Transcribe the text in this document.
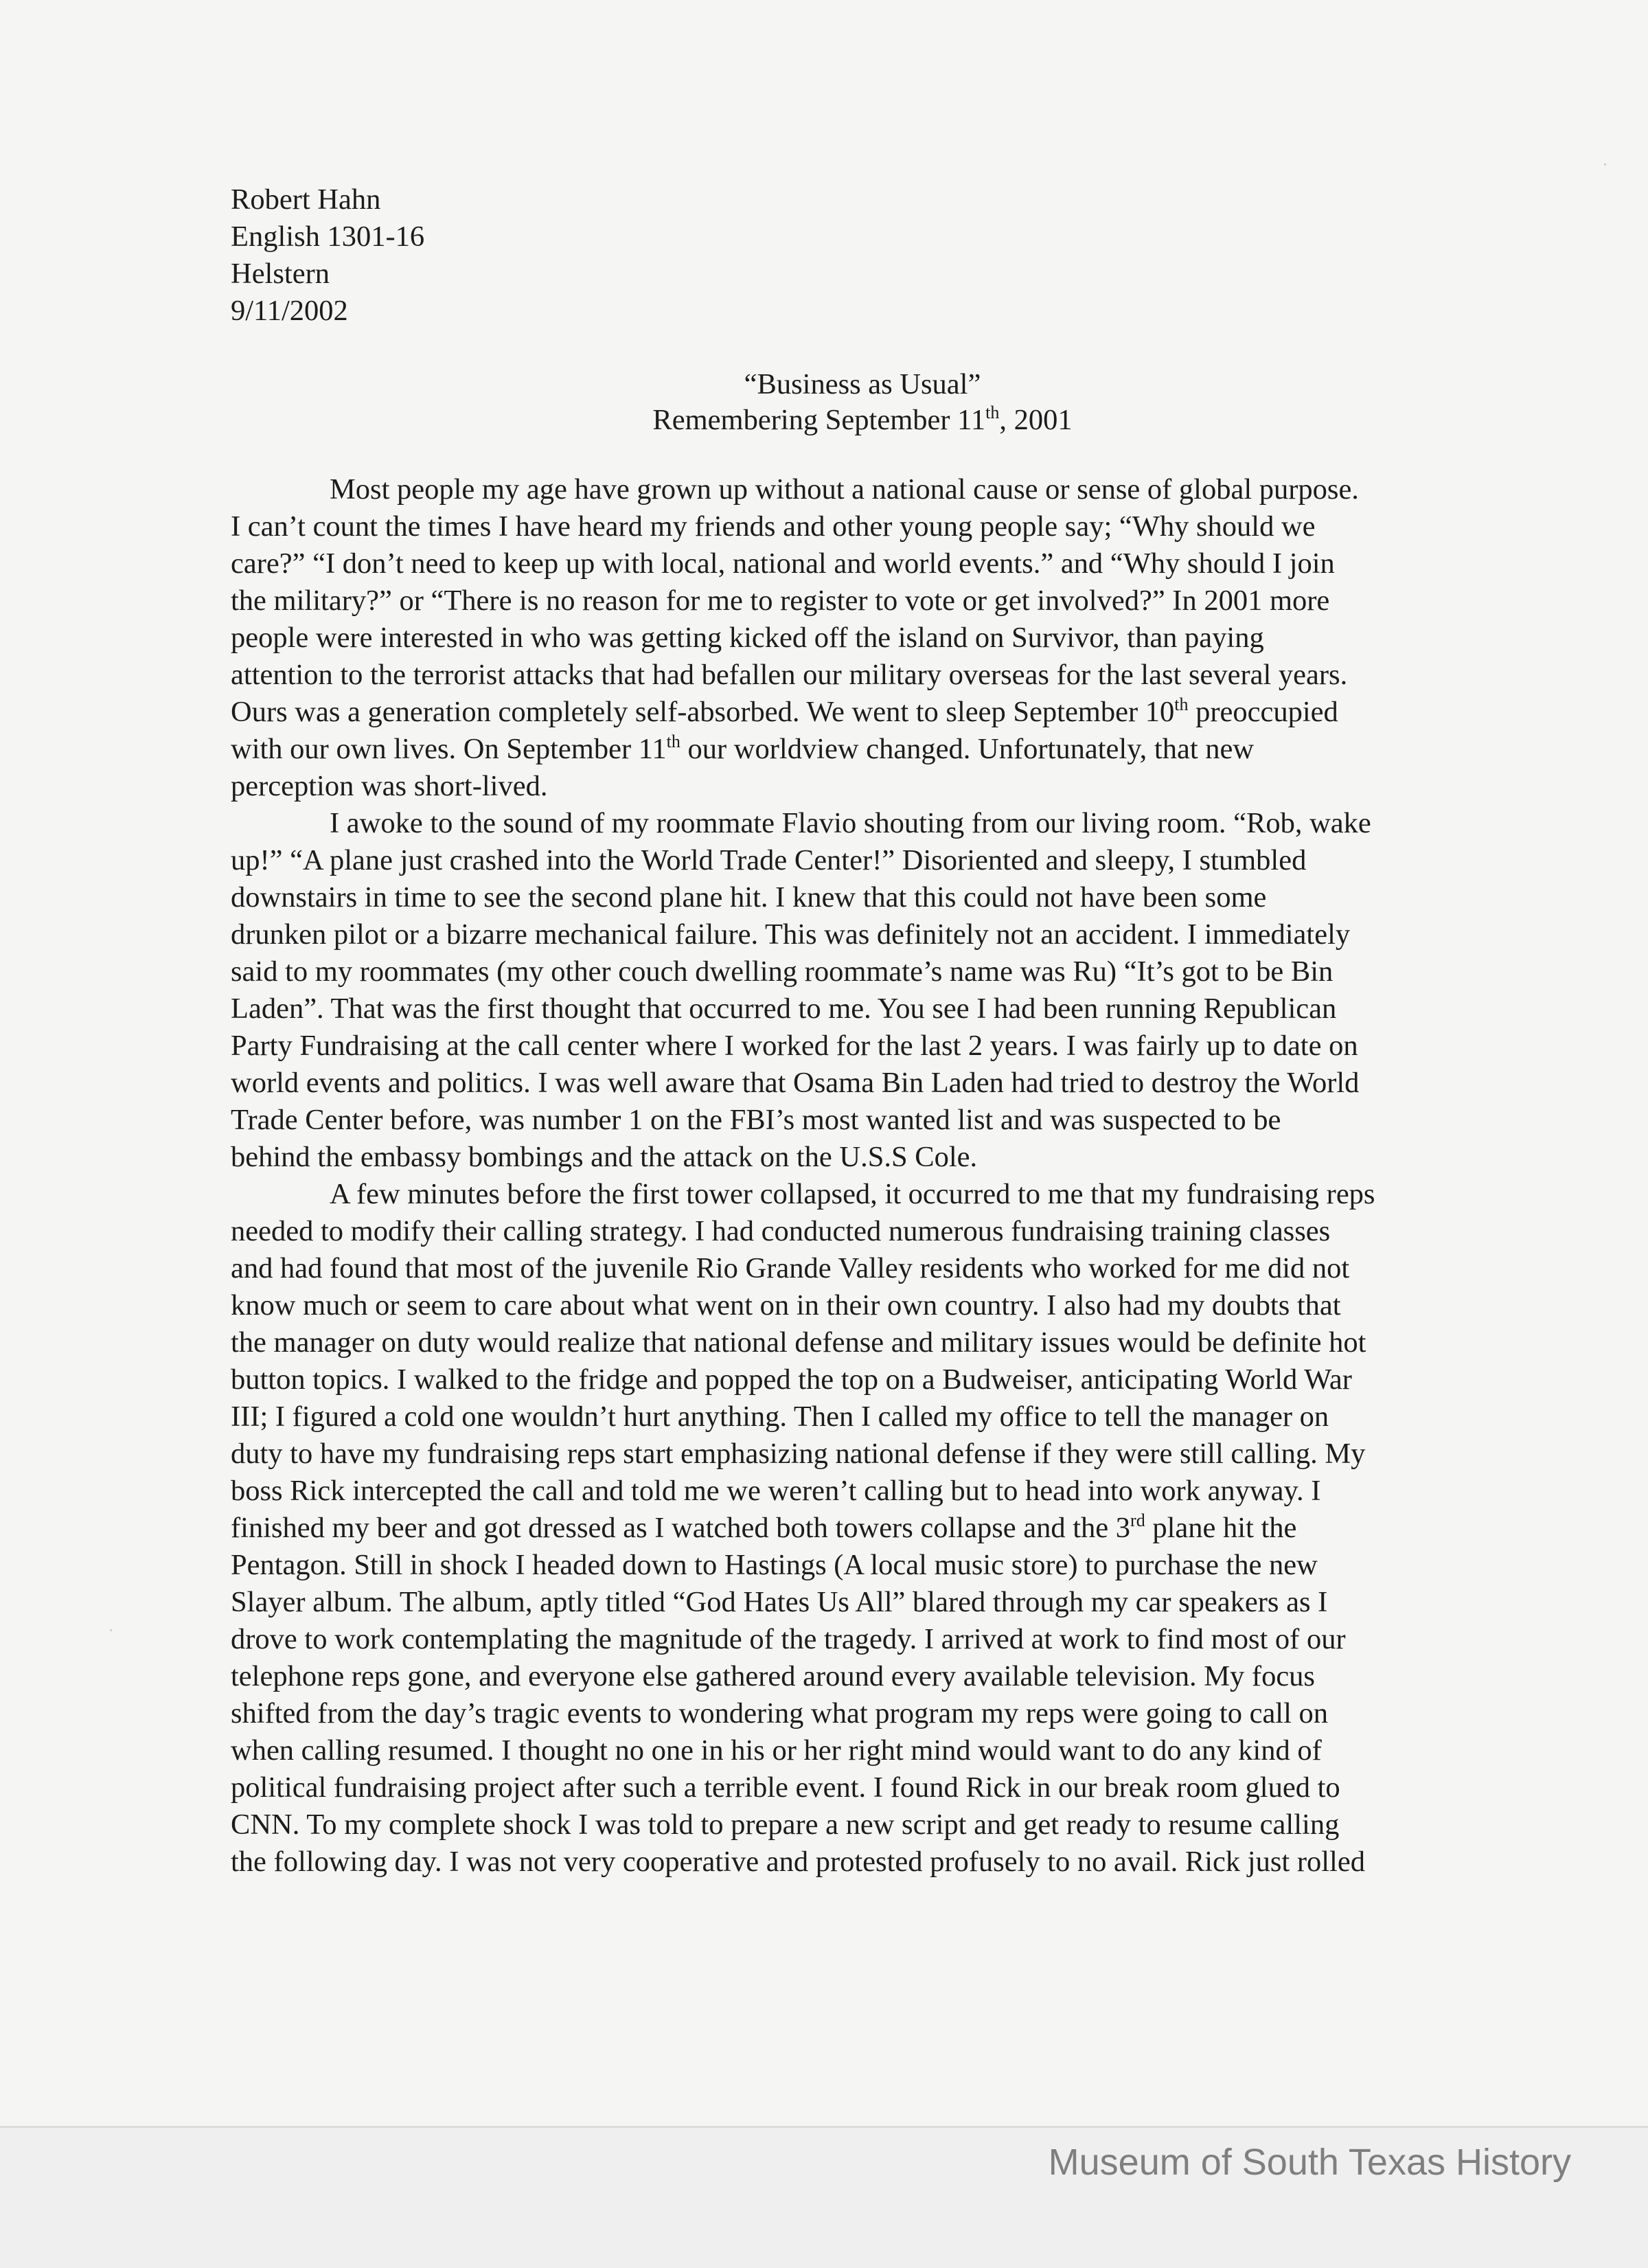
Robert Hahn
English 1301-16
Helstern
9/11/2002
“Business as Usual”
Remembering September 11th, 2001
Most people my age have grown up without a national cause or sense of global purpose.
I can’t count the times I have heard my friends and other young people say; “Why should we
care?” “I don’t need to keep up with local, national and world events.” and “Why should I join
the military?” or “There is no reason for me to register to vote or get involved?” In 2001 more
people were interested in who was getting kicked off the island on Survivor, than paying
attention to the terrorist attacks that had befallen our military overseas for the last several years.
Ours was a generation completely self-absorbed. We went to sleep September 10th preoccupied
with our own lives. On September 11th our worldview changed. Unfortunately, that new
perception was short-lived.
I awoke to the sound of my roommate Flavio shouting from our living room. “Rob, wake
up!” “A plane just crashed into the World Trade Center!” Disoriented and sleepy, I stumbled
downstairs in time to see the second plane hit. I knew that this could not have been some
drunken pilot or a bizarre mechanical failure. This was definitely not an accident. I immediately
said to my roommates (my other couch dwelling roommate’s name was Ru) “It’s got to be Bin
Laden”. That was the first thought that occurred to me. You see I had been running Republican
Party Fundraising at the call center where I worked for the last 2 years. I was fairly up to date on
world events and politics. I was well aware that Osama Bin Laden had tried to destroy the World
Trade Center before, was number 1 on the FBI’s most wanted list and was suspected to be
behind the embassy bombings and the attack on the U.S.S Cole.
A few minutes before the first tower collapsed, it occurred to me that my fundraising reps
needed to modify their calling strategy. I had conducted numerous fundraising training classes
and had found that most of the juvenile Rio Grande Valley residents who worked for me did not
know much or seem to care about what went on in their own country. I also had my doubts that
the manager on duty would realize that national defense and military issues would be definite hot
button topics. I walked to the fridge and popped the top on a Budweiser, anticipating World War
III; I figured a cold one wouldn’t hurt anything. Then I called my office to tell the manager on
duty to have my fundraising reps start emphasizing national defense if they were still calling. My
boss Rick intercepted the call and told me we weren’t calling but to head into work anyway. I
finished my beer and got dressed as I watched both towers collapse and the 3rd plane hit the
Pentagon. Still in shock I headed down to Hastings (A local music store) to purchase the new
Slayer album. The album, aptly titled “God Hates Us All” blared through my car speakers as I
drove to work contemplating the magnitude of the tragedy. I arrived at work to find most of our
telephone reps gone, and everyone else gathered around every available television. My focus
shifted from the day’s tragic events to wondering what program my reps were going to call on
when calling resumed. I thought no one in his or her right mind would want to do any kind of
political fundraising project after such a terrible event. I found Rick in our break room glued to
CNN. To my complete shock I was told to prepare a new script and get ready to resume calling
the following day. I was not very cooperative and protested profusely to no avail. Rick just rolled
Museum of South Texas History
